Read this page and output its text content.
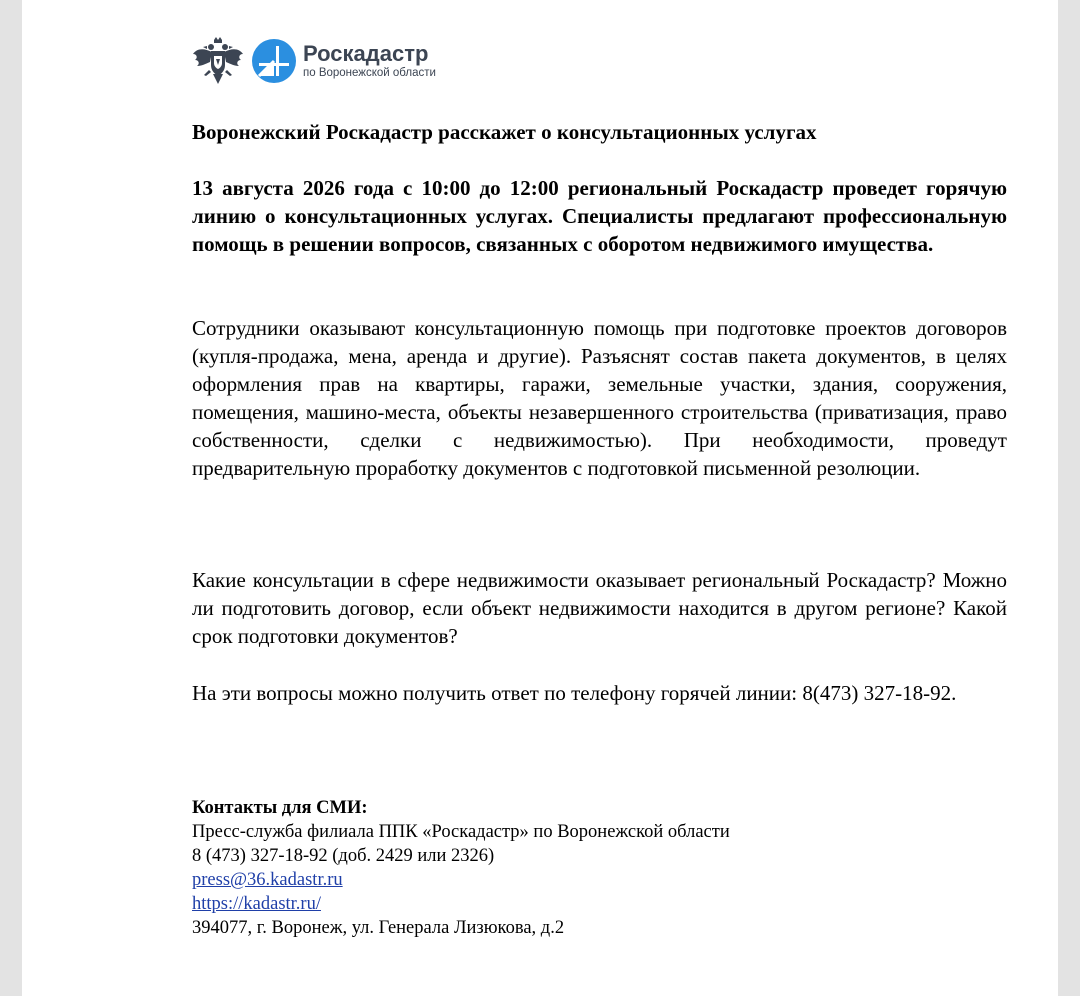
Роскадастр
по Воронежской области
Воронежский Роскадастр расскажет о консультационных услугах
13 августа 2026 года с 10:00 до 12:00 региональный Роскадастр проведет горячую линию о консультационных услугах. Специалисты предлагают профессиональную помощь в решении вопросов, связанных с оборотом недвижимого имущества.
Сотрудники оказывают консультационную помощь при подготовке проектов договоров (купля-продажа, мена, аренда и другие). Разъяснят состав пакета документов, в целях оформления прав на квартиры, гаражи, земельные участки, здания, сооружения, помещения, машино-места, объекты незавершенного строительства (приватизация, право собственности, сделки с недвижимостью). При необходимости, проведут предварительную проработку документов с подготовкой письменной резолюции.
Какие консультации в сфере недвижимости оказывает региональный Роскадастр? Можно ли подготовить договор, если объект недвижимости находится в другом регионе? Какой срок подготовки документов?
На эти вопросы можно получить ответ по телефону горячей линии: 8(473) 327-18-92.
Контакты для СМИ:
Пресс-служба филиала ППК «Роскадастр» по Воронежской области
8 (473) 327-18-92 (доб. 2429 или 2326)
press@36.kadastr.ru
https://kadastr.ru/
394077, г. Воронеж, ул. Генерала Лизюкова, д.2
